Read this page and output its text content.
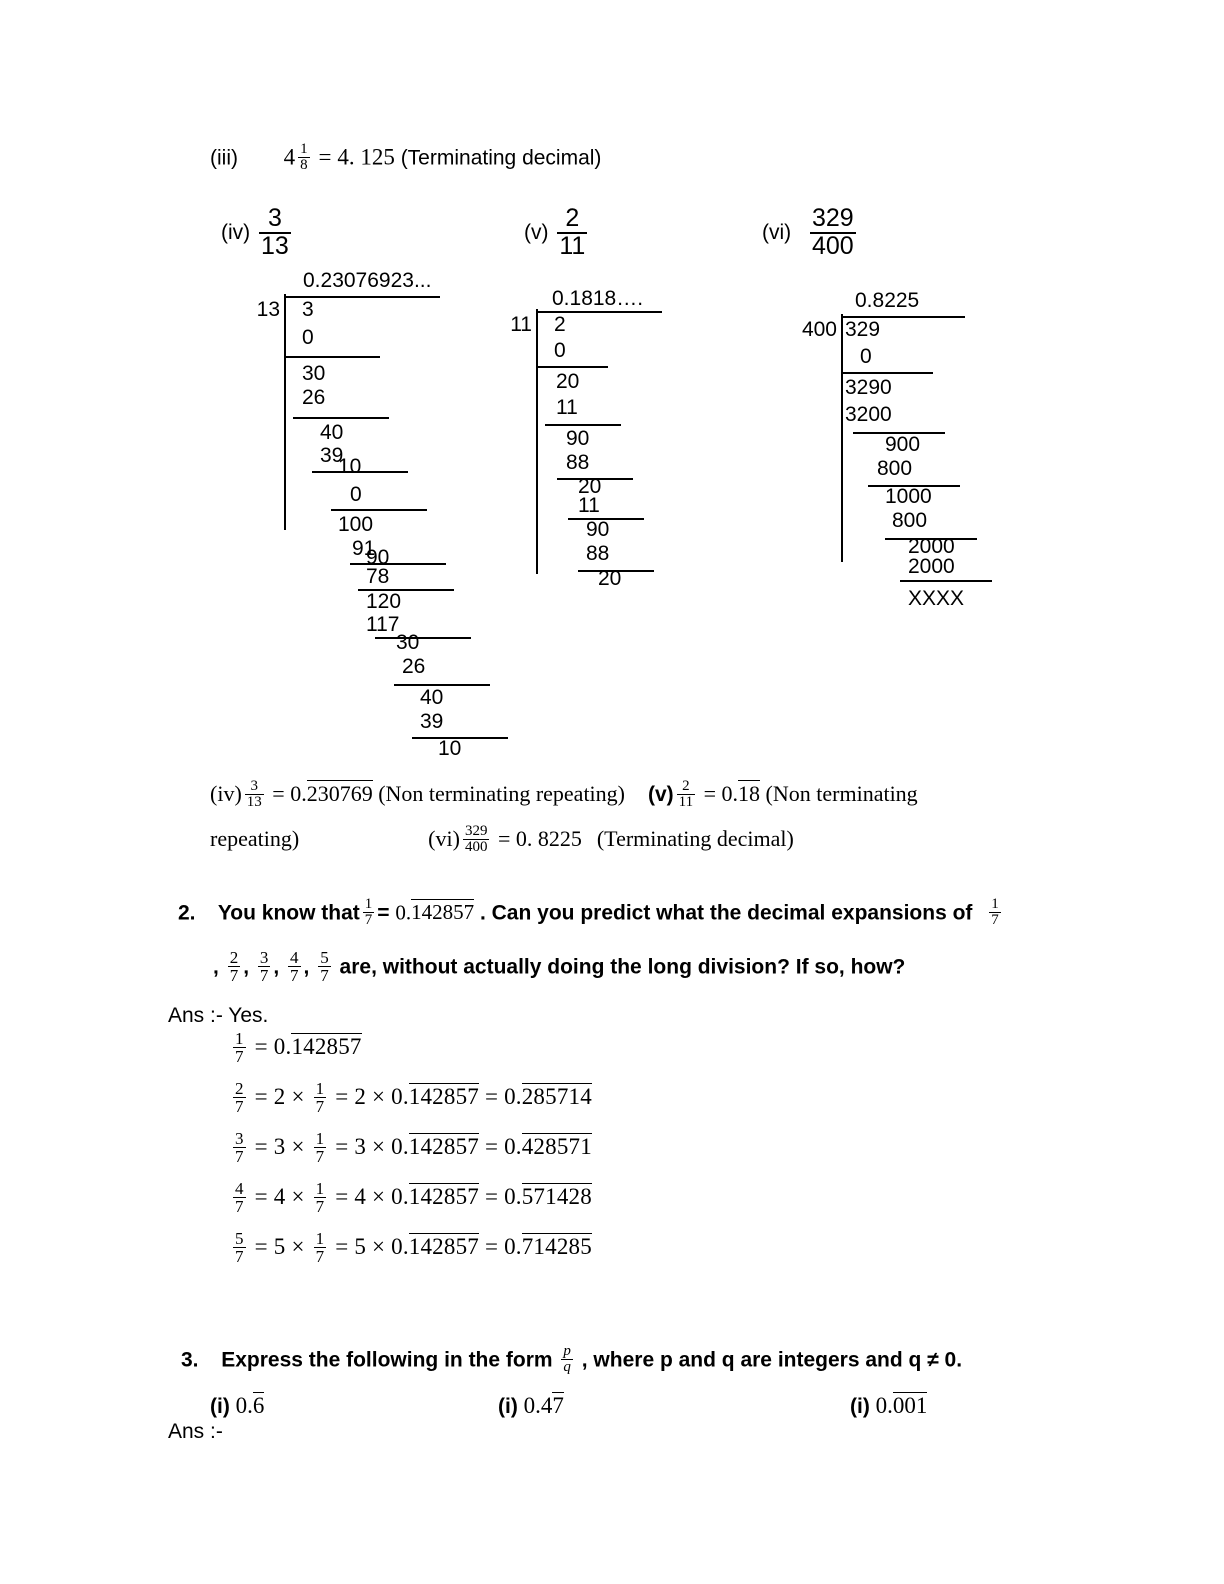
(iii) $4 \frac{1}{8} = 4$. 125 (Terminating decimal)
$(iv) \frac{3}{13}$	$(v) \frac{2}{11}$	$(vi) \frac{329}{400}$
0.23076923...
13 3
0
30
26
40
39
10
0
100
91
90
78
120
117
30
26
40
39
10
0.1818….
11 2
0
20
11
90
88
20
11
90
88
20
0.8225
400 329
0
3290
3200
900
800
1000
800
2000
2000
XXXX
$(iv) \frac{3}{13} = 0.230769$ (Non terminating repeating) $(v) \frac{2}{11} = 0.18$ (Non terminating
repeating)	$(vi) \frac{329}{400} = 0$. 8225 (Terminating decimal)
2. You know that $\frac{1}{7} = 0.142857$ . Can you predict what the decimal expansions of $\frac{1}{7}$
, $\frac{2}{7}$ , $\frac{3}{7}$ , $\frac{4}{7}$ , $\frac{5}{7}$ are, without actually doing the long division? If so, how?
Ans :- Yes.
$\frac{1}{7} = 0.142857$
$\frac{2}{7} = 2 \times \frac{1}{7} = 2 \times 0.142857 = 0.285714$
$\frac{3}{7} = 3 \times \frac{1}{7} = 3 \times 0.142857 = 0.428571$
$\frac{4}{7} = 4 \times \frac{1}{7} = 4 \times 0.142857 = 0.571428$
$\frac{5}{7} = 5 \times \frac{1}{7} = 5 \times 0.142857 = 0.714285$
3. Express the following in the form $\frac{p}{q}$ , where p and q are integers and q ≠ 0.
(i) 0.6	(i) 0.47	(i) 0.001
Ans :-
